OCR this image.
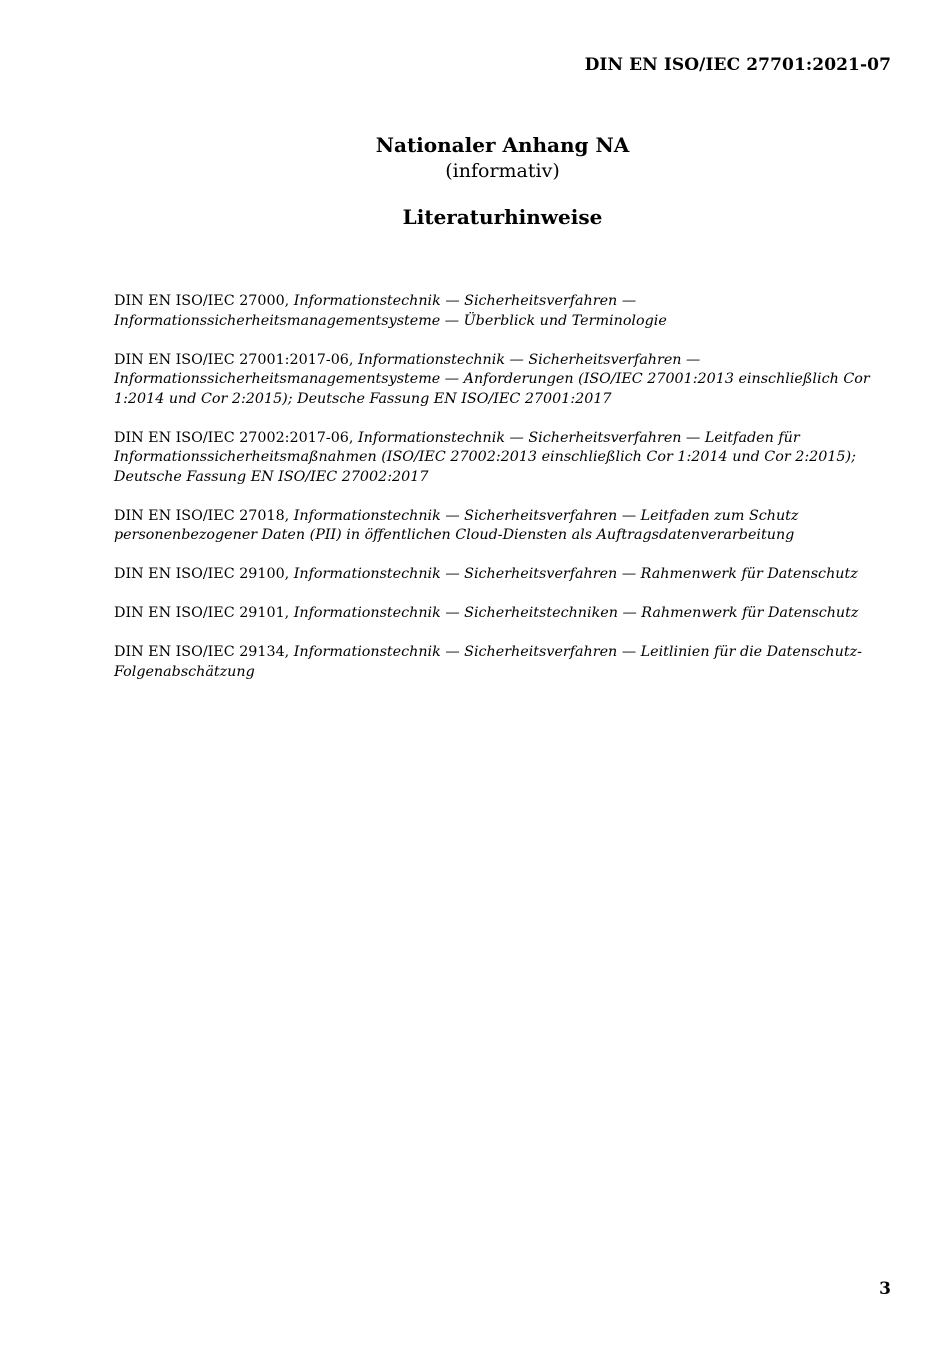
DIN EN ISO/IEC 27701:2021-07
Nationaler Anhang NA
(informativ)
Literaturhinweise

DIN EN ISO/IEC 27000, Informationstechnik — Sicherheitsverfahren — Informationssicherheitsmanagementsysteme — Überblick und Terminologie

DIN EN ISO/IEC 27001:2017-06, Informationstechnik — Sicherheitsverfahren — Informationssicherheitsmanagementsysteme — Anforderungen (ISO/IEC 27001:2013 einschließlich Cor 1:2014 und Cor 2:2015); Deutsche Fassung EN ISO/IEC 27001:2017

DIN EN ISO/IEC 27002:2017-06, Informationstechnik — Sicherheitsverfahren — Leitfaden für Informationssicherheitsmaßnahmen (ISO/IEC 27002:2013 einschließlich Cor 1:2014 und Cor 2:2015); Deutsche Fassung EN ISO/IEC 27002:2017

DIN EN ISO/IEC 27018, Informationstechnik — Sicherheitsverfahren — Leitfaden zum Schutz personenbezogener Daten (PII) in öffentlichen Cloud-Diensten als Auftragsdatenverarbeitung

DIN EN ISO/IEC 29100, Informationstechnik — Sicherheitsverfahren — Rahmenwerk für Datenschutz

DIN EN ISO/IEC 29101, Informationstechnik — Sicherheitstechniken — Rahmenwerk für Datenschutz

DIN EN ISO/IEC 29134, Informationstechnik — Sicherheitsverfahren — Leitlinien für die Datenschutz-Folgenabschätzung

3
